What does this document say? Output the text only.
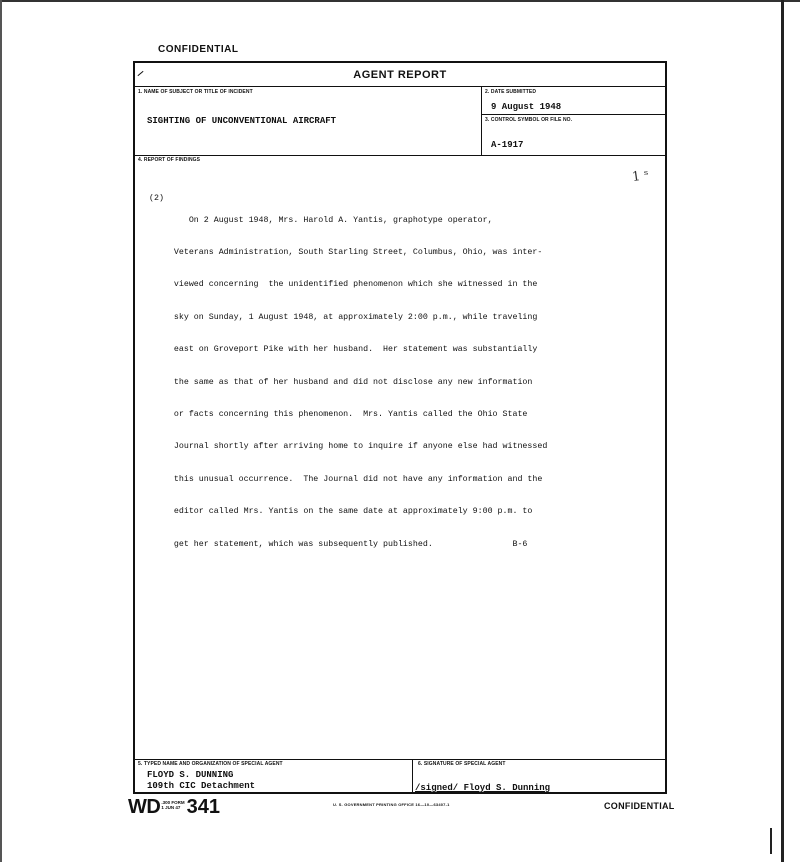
CONFIDENTIAL
AGENT REPORT
1. NAME OF SUBJECT OR TITLE OF INCIDENT
SIGHTING OF UNCONVENTIONAL AIRCRAFT
2. DATE SUBMITTED
9 August 1948
3. CONTROL SYMBOL OR FILE NO.
A-1917
4. REPORT OF FINDINGS
1 ˢ
(2)

On 2 August 1948, Mrs. Harold A. Yantis, graphotype operator,

Veterans Administration, South Starling Street, Columbus, Ohio, was inter-

viewed concerning  the unidentified phenomenon which she witnessed in the

sky on Sunday, 1 August 1948, at approximately 2:00 p.m., while traveling

east on Groveport Pike with her husband.  Her statement was substantially

the same as that of her husband and did not disclose any new information

or facts concerning this phenomenon.  Mrs. Yantis called the Ohio State

Journal shortly after arriving home to inquire if anyone else had witnessed

this unusual occurrence.  The Journal did not have any information and the

editor called Mrs. Yantis on the same date at approximately 9:00 p.m. to

get her statement, which was subsequently published.                B-6

5. TYPED NAME AND ORGANIZATION OF SPECIAL AGENT
FLOYD S. DUNNING
109th CIC Detachment
6. SIGNATURE OF SPECIAL AGENT
/signed/ Floyd S. Dunning
WD.300 FORM
1 JUN 47 341	U. S. GOVERNMENT PRINTING OFFICE 16—10—63407-1	CONFIDENTIAL
